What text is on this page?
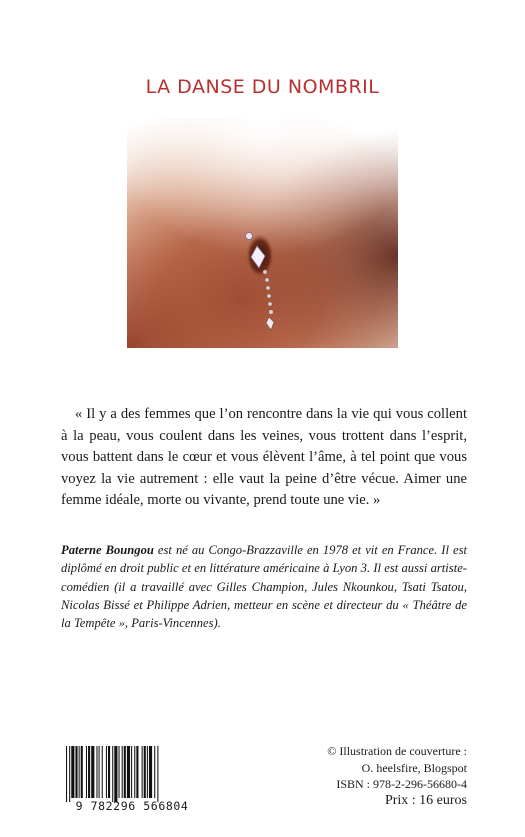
LA DANSE DU NOMBRIL

« Il y a des femmes que l’on rencontre dans la vie qui vous collent à la peau, vous coulent dans les veines, vous trottent dans l’esprit, vous battent dans le cœur et vous élèvent l’âme, à tel point que vous voyez la vie autrement : elle vaut la peine d’être vécue. Aimer une femme idéale, morte ou vivante, prend toute une vie. »

Paterne Boungou est né au Congo-Brazzaville en 1978 et vit en France. Il est diplômé en droit public et en littérature américaine à Lyon 3. Il est aussi artiste-comédien (il a travaillé avec Gilles Champion, Jules Nkounkou, Tsati Tsatou, Nicolas Bissé et Philippe Adrien, metteur en scène et directeur du « Théâtre de la Tempête », Paris-Vincennes).

9 782296 566804
© Illustration de couverture :
O. heelsfire, Blogspot
ISBN : 978-2-296-56680-4
Prix : 16 euros
